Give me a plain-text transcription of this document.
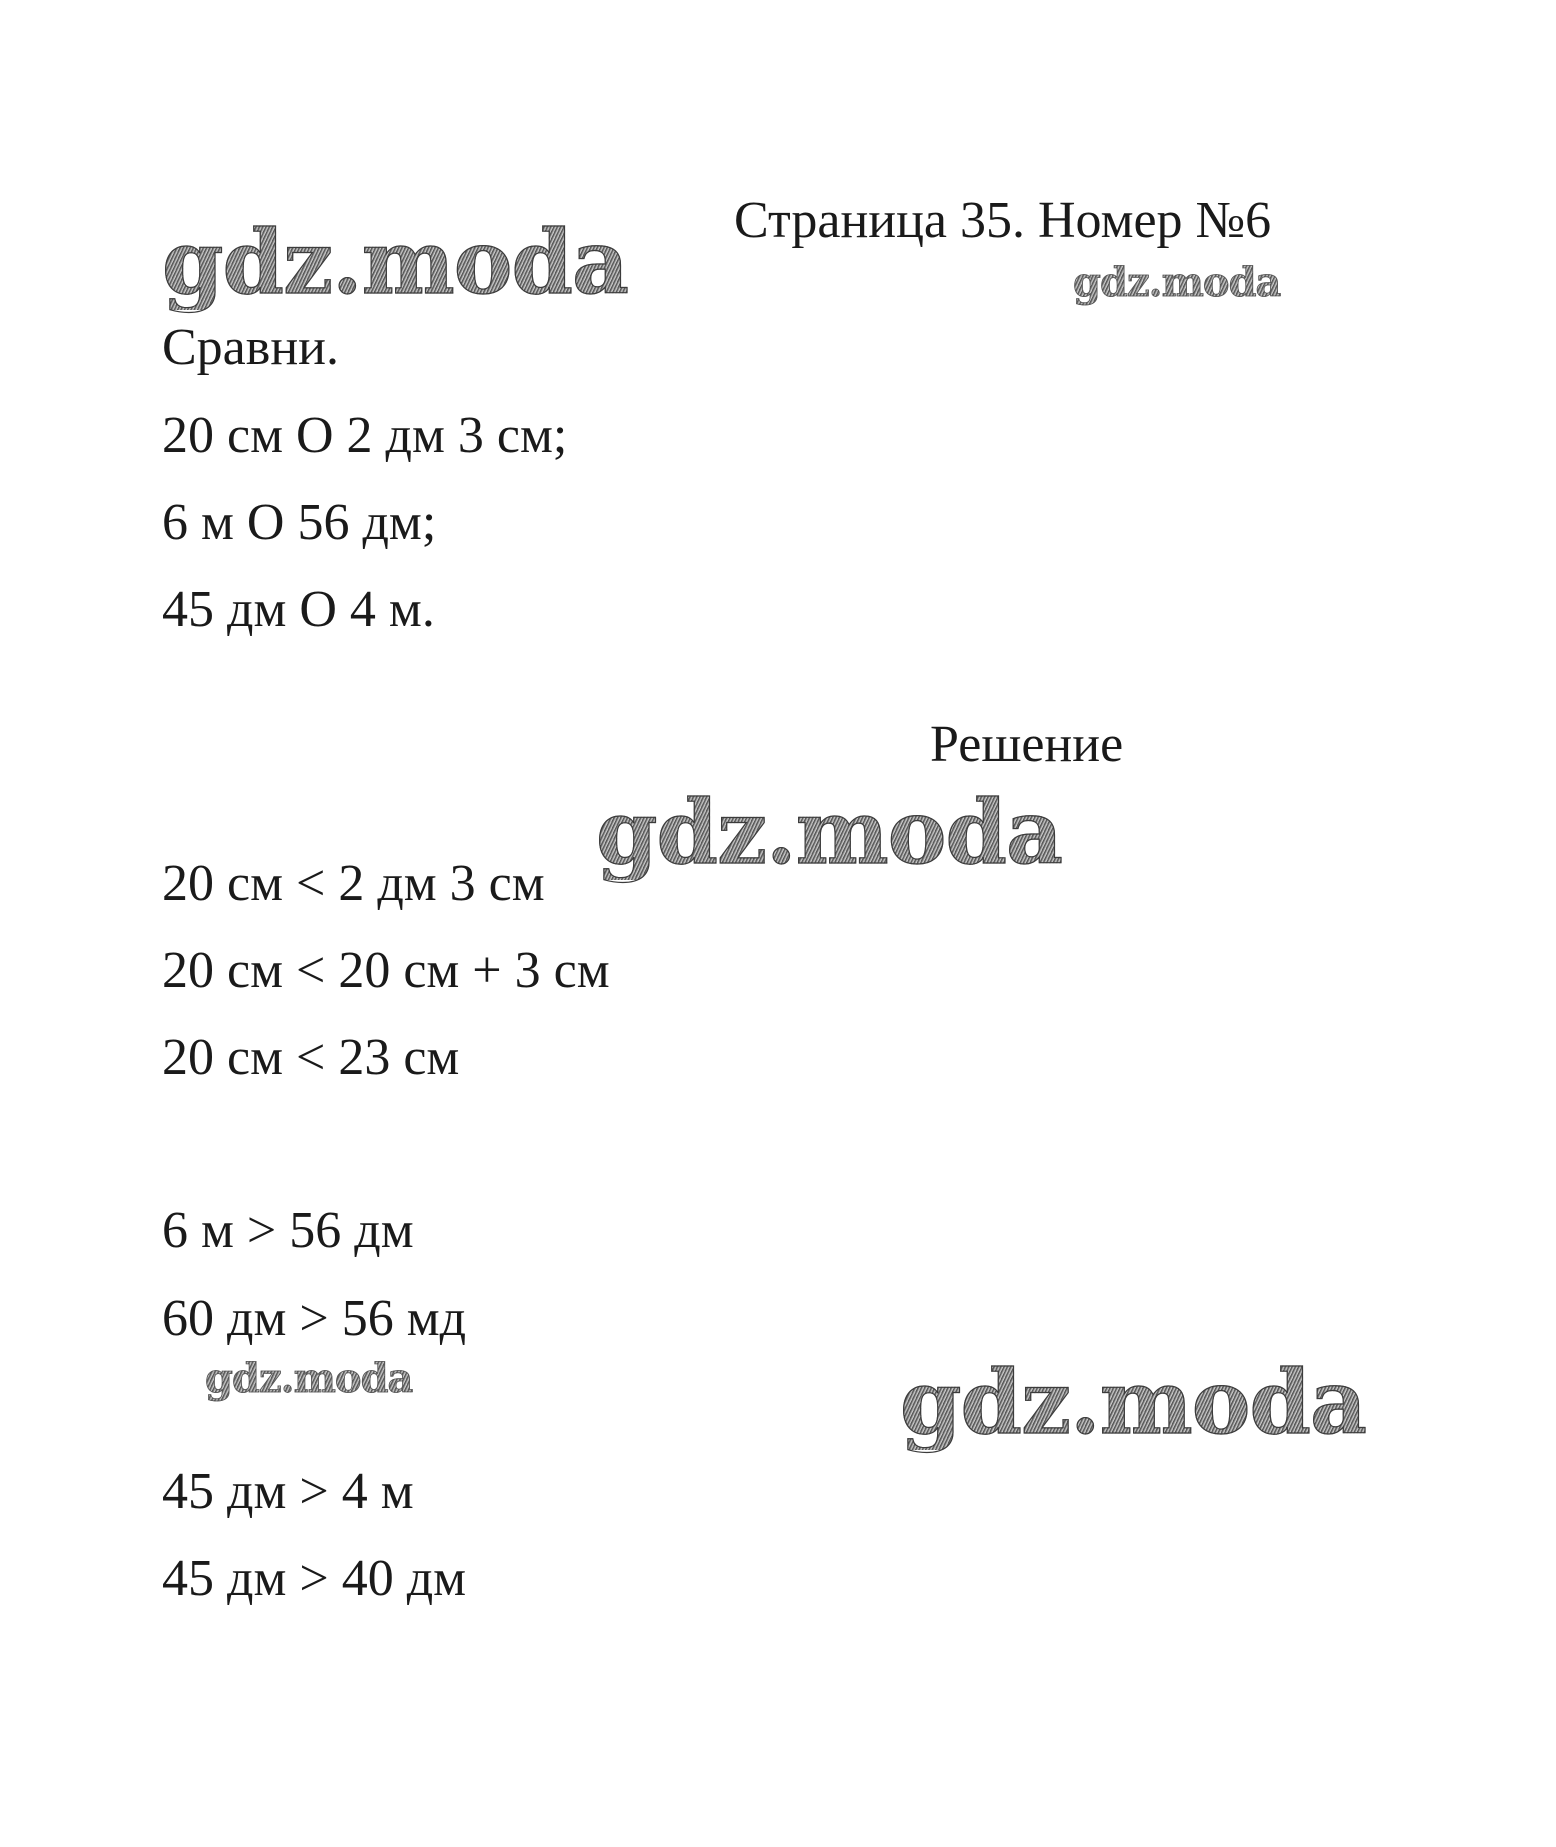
gdz.moda	gdz.moda
gdz.moda
gdz.moda	gdz.moda
Страница 35. Номер №6

Сравни.

20 см O 2 дм 3 см;

6 м O 56 дм;

45 дм O 4 м.

Решение

20 см < 2 дм 3 см

20 см < 20 см + 3 см

20 см < 23 см

6 м > 56 дм

60 дм > 56 мд

45 дм > 4 м

45 дм > 40 дм
